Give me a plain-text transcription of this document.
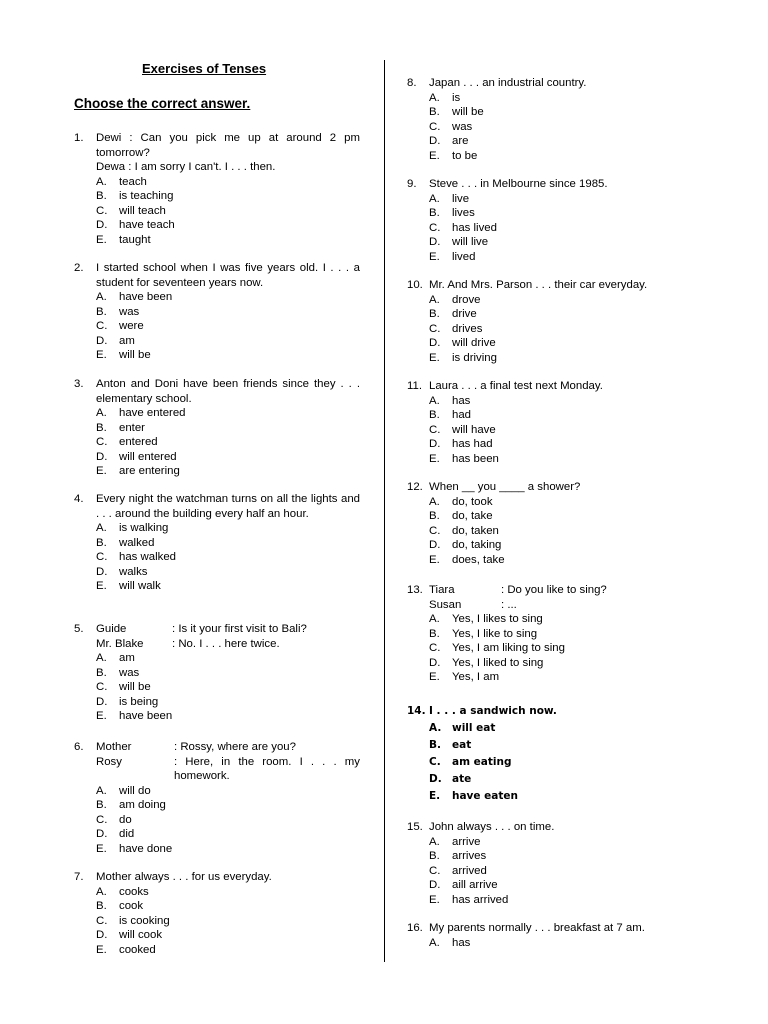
Exercises of Tenses
Choose the correct answer.
1.	Dewi : Can you pick me up at around 2 pm tomorrow?
Dewa : I am sorry I can't. I . . . then.
A.	teach
B.	is teaching
C.	will teach
D.	have teach
E.	taught
2.	I started school when I was five years old. I . . . a student for seventeen years now.
A.	have been
B.	was
C.	were
D.	am
E.	will be
3.	Anton and Doni have been friends since they . . . elementary school.
A.	have entered
B.	enter
C.	entered
D.	will entered
E.	are entering
4.	Every night the watchman turns on all the lights and . . . around the building every half an hour.
A.	is walking
B.	walked
C.	has walked
D.	walks
E.	will walk
5.	Guide	: Is it your first visit to Bali?
Mr. Blake	: No. I . . . here twice.
A.	am
B.	was
C.	will be
D.	is being
E.	have been
6.	Mother	: Rossy, where are you?
Rosy	: Here, in the room. I . . . my homework.
A.	will do
B.	am doing
C.	do
D.	did
E.	have done
7.	Mother always . . . for us everyday.
A.	cooks
B.	cook
C.	is cooking
D.	will cook
E.	cooked
8.	Japan . . . an industrial country.
A.	is
B.	will be
C.	was
D.	are
E.	to be
9.	Steve . . . in Melbourne since 1985.
A.	live
B.	lives
C.	has lived
D.	will live
E.	lived
10. Mr. And Mrs. Parson . . . their car everyday.
A.	drove
B.	drive
C.	drives
D.	will drive
E.	is driving
11. Laura . . . a final test next Monday.
A.	has
B.	had
C.	will have
D.	has had
E.	has been
12. When __ you ____ a shower?
A.	do, took
B.	do, take
C.	do, taken
D.	do, taking
E.	does, take
13. Tiara	: Do you like to sing?
Susan	: ...
A.	Yes, I likes to sing
B.	Yes, I like to sing
C.	Yes, I am liking to sing
D.	Yes, I liked to sing
E.	Yes, I am
14. I . . . a sandwich now.
A.	will eat
B.	eat
C.	am eating
D. ate
E.	have eaten
15. John always . . . on time.
A.	arrive
B.	arrives
C.	arrived
D.	aill arrive
E.	has arrived
16. My parents normally . . . breakfast at 7 am.
A.	has
